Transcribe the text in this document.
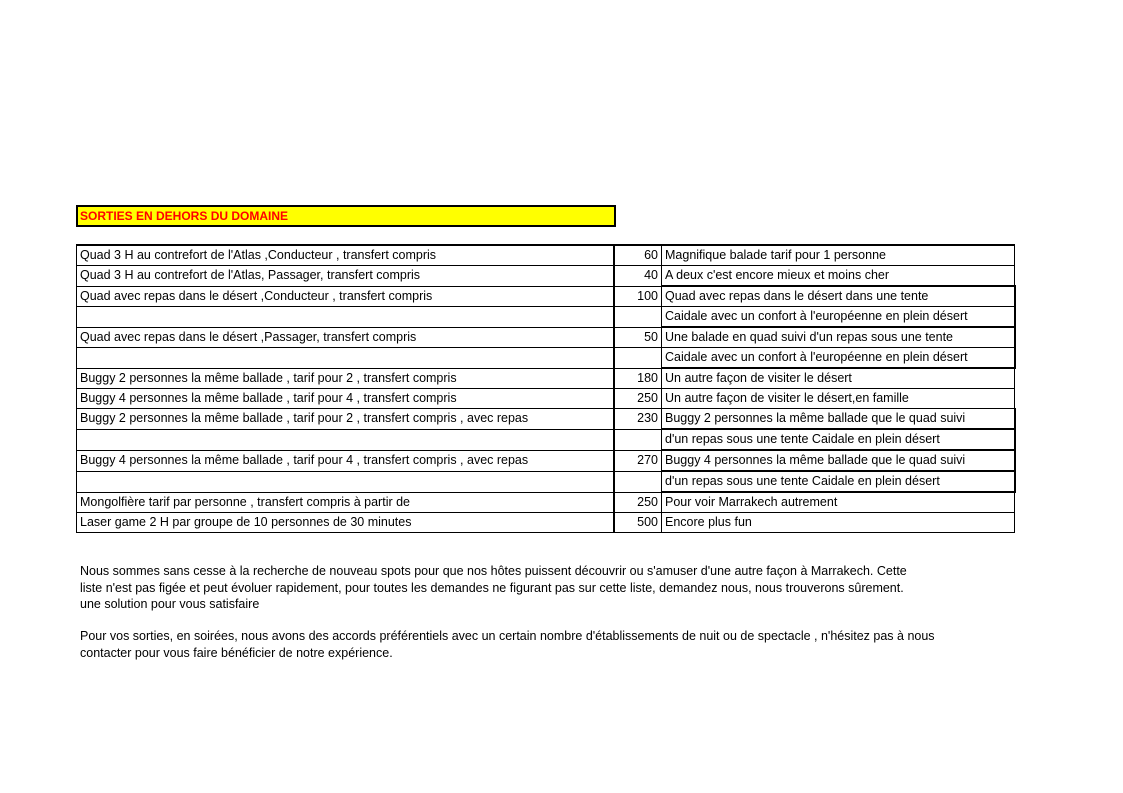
SORTIES EN DEHORS DU DOMAINE
Quad 3 H au contrefort de l'Atlas ,Conducteur , transfert compris	60	Magnifique balade tarif pour 1 personne
Quad 3 H au contrefort de l'Atlas, Passager, transfert compris	40	A deux c'est encore mieux et moins cher
Quad avec repas dans le désert ,Conducteur , transfert compris	100	Quad avec repas dans le désert dans une tente
		Caidale avec un confort à l'européenne en plein désert
Quad avec repas dans le désert ,Passager, transfert compris	50	Une balade en quad suivi d'un repas sous une tente
		Caidale avec un confort à l'européenne en plein désert
Buggy 2 personnes la même ballade , tarif pour 2 , transfert compris	180	Un autre façon de visiter le désert
Buggy 4 personnes la même ballade , tarif pour 4 , transfert compris	250	Un autre façon de visiter le désert,en famille
Buggy 2 personnes la même ballade , tarif pour 2 , transfert compris , avec repas	230	Buggy 2 personnes la même ballade que le quad suivi
		d'un repas sous une tente Caidale en plein désert
Buggy 4 personnes la même ballade , tarif pour 4 , transfert compris , avec repas	270	Buggy 4 personnes la même ballade que le quad suivi
		d'un repas sous une tente Caidale en plein désert
Mongolfière tarif par personne , transfert compris à partir de	250	Pour voir Marrakech autrement
Laser game 2 H par groupe de 10 personnes de 30 minutes	500	Encore plus fun

Nous sommes sans cesse à la recherche de nouveau spots pour que nos hôtes puissent découvrir ou s'amuser d'une autre façon à Marrakech. Cette

liste n'est pas figée et peut évoluer rapidement, pour toutes les demandes ne figurant pas sur cette liste, demandez nous, nous trouverons sûrement.

une solution pour vous satisfaire

Pour vos sorties, en soirées, nous avons des accords préférentiels avec un certain nombre d'établissements de nuit ou de spectacle , n'hésitez pas à nous

contacter pour vous faire bénéficier de notre expérience.
